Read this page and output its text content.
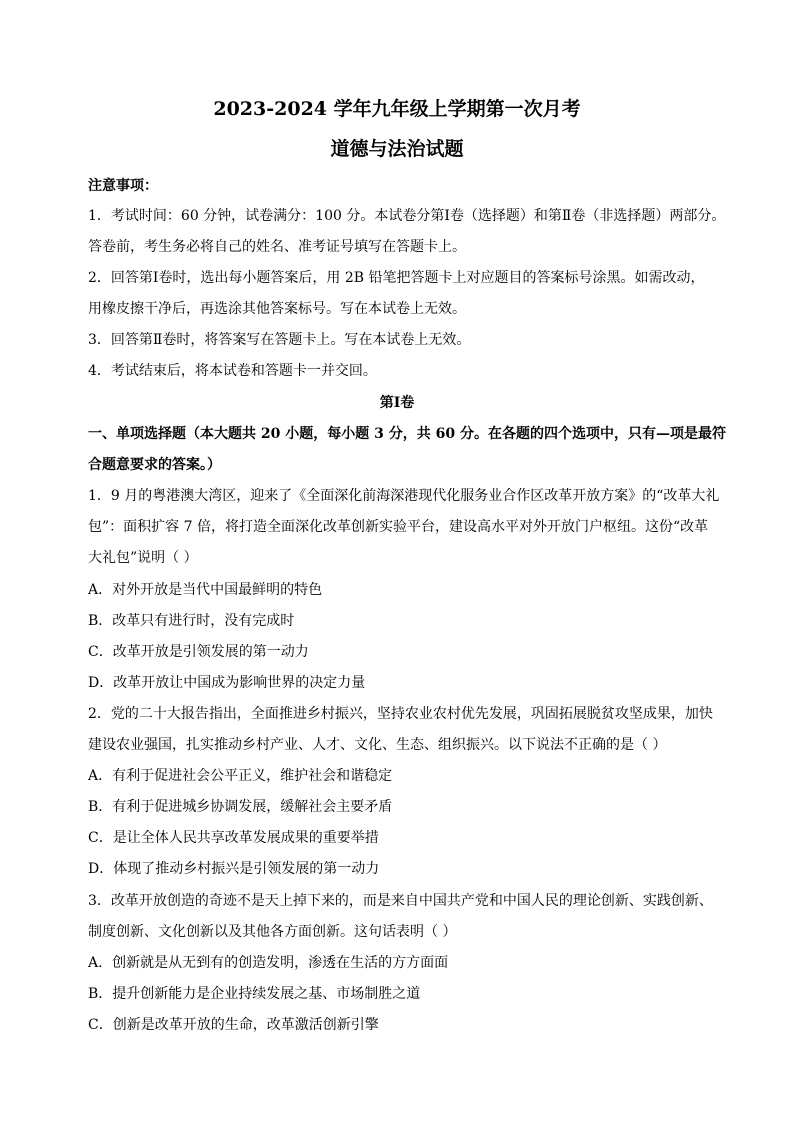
2023-2024 学年九年级上学期第一次月考
道德与法治试题
注意事项：
1．考试时间：60 分钟，试卷满分：100 分。本试卷分第Ⅰ卷（选择题）和第Ⅱ卷（非选择题）两部分。
答卷前，考生务必将自己的姓名、准考证号填写在答题卡上。
2．回答第Ⅰ卷时，选出每小题答案后，用 2B 铅笔把答题卡上对应题目的答案标号涂黑。如需改动，
用橡皮擦干净后，再选涂其他答案标号。写在本试卷上无效。
3．回答第Ⅱ卷时，将答案写在答题卡上。写在本试卷上无效。
4．考试结束后，将本试卷和答题卡一并交回。
第Ⅰ卷
一、单项选择题（本大题共 20 小题，每小题 3 分，共 60 分。在各题的四个选项中，只有—项是最符
合题意要求的答案。）
1．9 月的粤港澳大湾区，迎来了《全面深化前海深港现代化服务业合作区改革开放方案》的“改革大礼
包”：面积扩容 7 倍，将打造全面深化改革创新实验平台，建设高水平对外开放门户枢纽。这份“改革
大礼包”说明（ ）
A．对外开放是当代中国最鲜明的特色
B．改革只有进行时，没有完成时
C．改革开放是引领发展的第一动力
D．改革开放让中国成为影响世界的决定力量
2．党的二十大报告指出，全面推进乡村振兴，坚持农业农村优先发展，巩固拓展脱贫攻坚成果，加快
建设农业强国，扎实推动乡村产业、人才、文化、生态、组织振兴。以下说法不正确的是（ ）
A．有利于促进社会公平正义，维护社会和谐稳定
B．有利于促进城乡协调发展，缓解社会主要矛盾
C．是让全体人民共享改革发展成果的重要举措
D．体现了推动乡村振兴是引领发展的第一动力
3．改革开放创造的奇迹不是天上掉下来的，而是来自中国共产党和中国人民的理论创新、实践创新、
制度创新、文化创新以及其他各方面创新。这句话表明（ ）
A．创新就是从无到有的创造发明，渗透在生活的方方面面
B．提升创新能力是企业持续发展之基、市场制胜之道
C．创新是改革开放的生命，改革激活创新引擎
